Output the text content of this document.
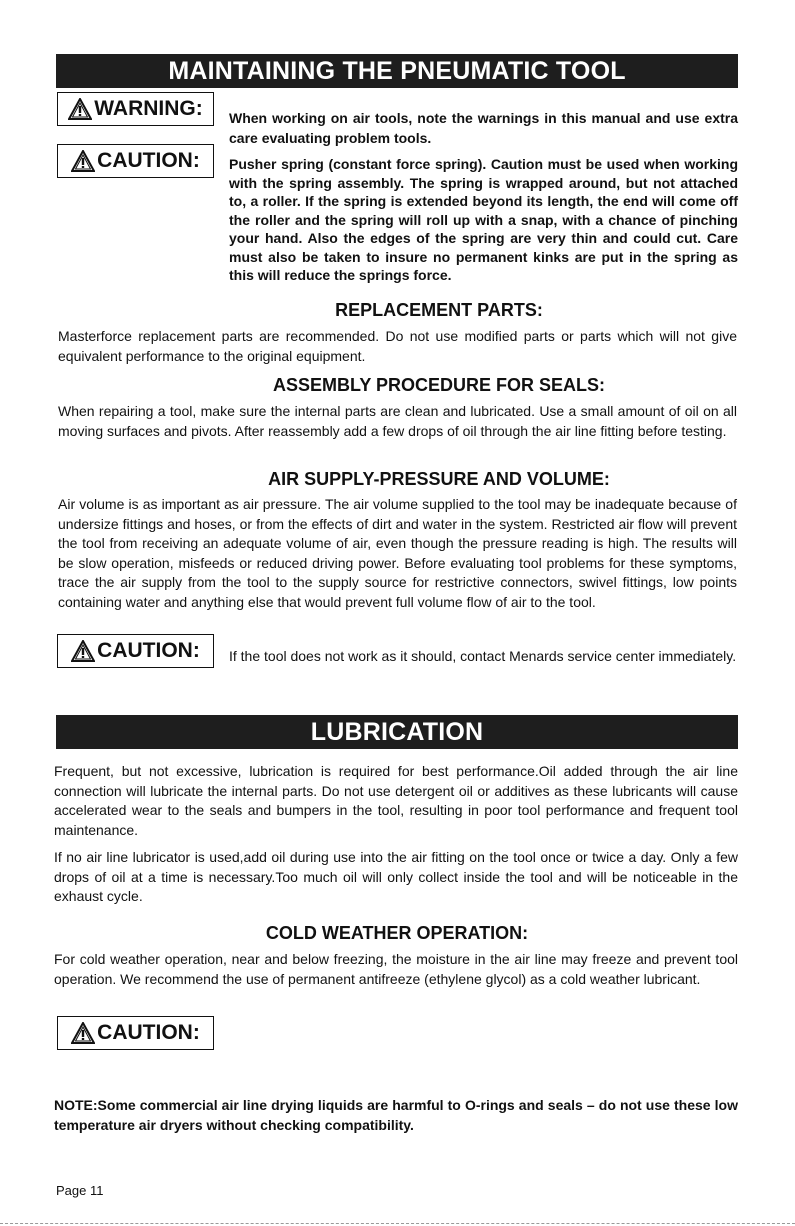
MAINTAINING THE PNEUMATIC TOOL
WARNING: When working on air tools, note the warnings in this manual and use extra care evaluating problem tools.

CAUTION: Pusher spring (constant force spring). Caution must be used when working with the spring assembly. The spring is wrapped around, but not attached to, a roller. If the spring is extended beyond its length, the end will come off the roller and the spring will roll up with a snap, with a chance of pinching your hand. Also the edges of the spring are very thin and could cut. Care must also be taken to insure no permanent kinks are put in the spring as this will reduce the springs force.

REPLACEMENT PARTS:

Masterforce replacement parts are recommended. Do not use modified parts or parts which will not give equivalent performance to the original equipment.

ASSEMBLY PROCEDURE FOR SEALS:

When repairing a tool, make sure the internal parts are clean and lubricated. Use a small amount of oil on all moving surfaces and pivots. After reassembly add a few drops of oil through the air line fitting before testing.

AIR SUPPLY-PRESSURE AND VOLUME:

Air volume is as important as air pressure. The air volume supplied to the tool may be inadequate because of undersize fittings and hoses, or from the effects of dirt and water in the system. Restricted air flow will prevent the tool from receiving an adequate volume of air, even though the pressure reading is high. The results will be slow operation, misfeeds or reduced driving power. Before evaluating tool problems for these symptoms, trace the air supply from the tool to the supply source for restrictive connectors, swivel fittings, low points containing water and anything else that would prevent full volume flow of air to the tool.

CAUTION: If the tool does not work as it should, contact Menards service center immediately.

LUBRICATION

Frequent, but not excessive, lubrication is required for best performance.Oil added through the air line connection will lubricate the internal parts. Do not use detergent oil or additives as these lubricants will cause accelerated wear to the seals and bumpers in the tool, resulting in poor tool performance and frequent tool maintenance.

If no air line lubricator is used,add oil during use into the air fitting on the tool once or twice a day. Only a few drops of oil at a time is necessary.Too much oil will only collect inside the tool and will be noticeable in the exhaust cycle.

COLD WEATHER OPERATION:

For cold weather operation, near and below freezing, the moisture in the air line may freeze and prevent tool operation. We recommend the use of permanent antifreeze (ethylene glycol) as a cold weather lubricant.

CAUTION:

NOTE:Some commercial air line drying liquids are harmful to O-rings and seals – do not use these low temperature air dryers without checking compatibility.

Page 11
